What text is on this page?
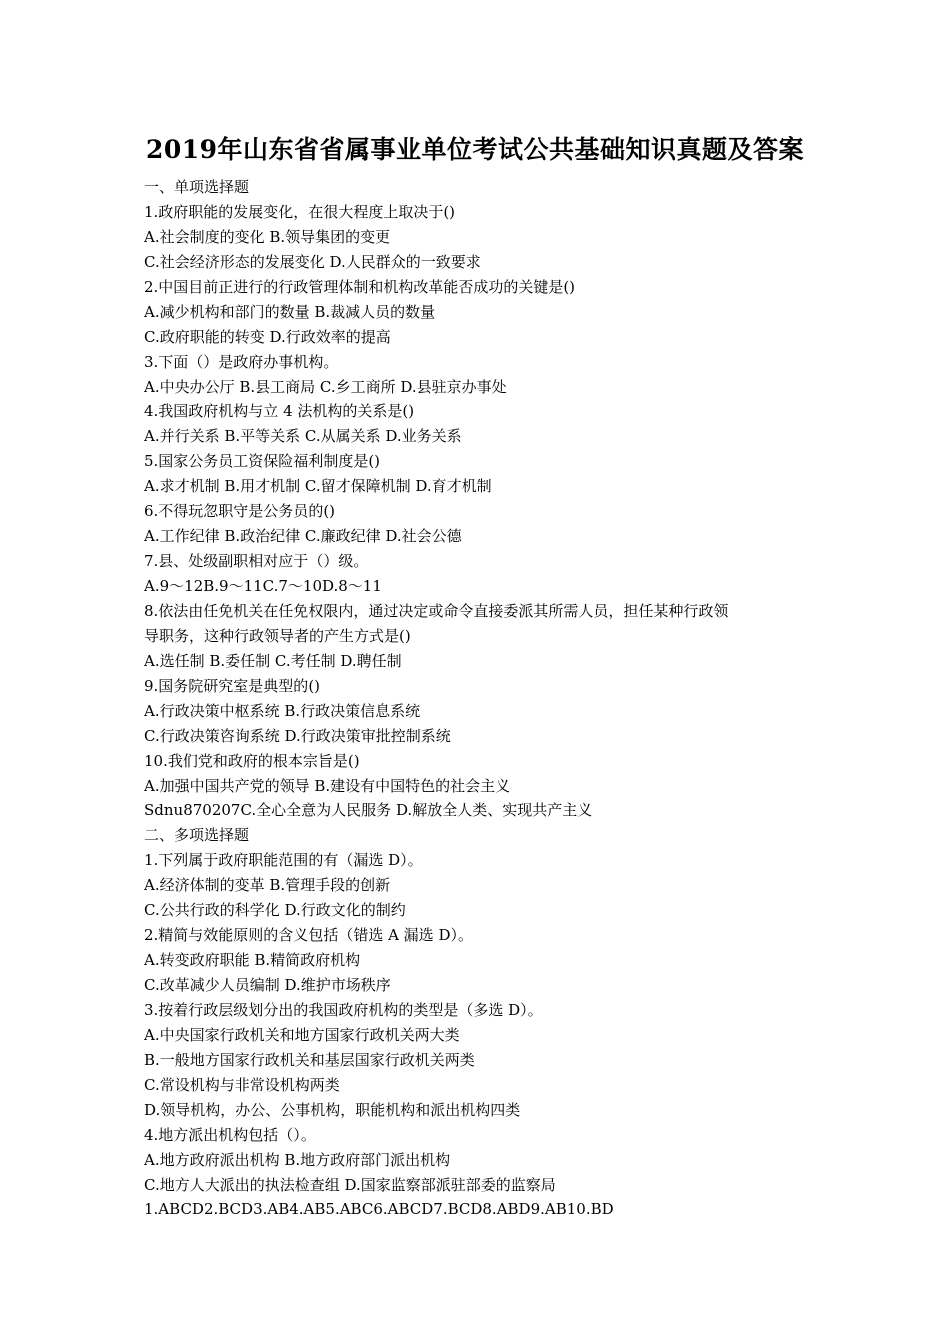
2019年山东省省属事业单位考试公共基础知识真题及答案
一、单项选择题
1.政府职能的发展变化，在很大程度上取决于()
A.社会制度的变化 B.领导集团的变更
C.社会经济形态的发展变化 D.人民群众的一致要求
2.中国目前正进行的行政管理体制和机构改革能否成功的关键是()
A.减少机构和部门的数量 B.裁减人员的数量
C.政府职能的转变 D.行政效率的提高
3.下面（）是政府办事机构。
A.中央办公厅 B.县工商局 C.乡工商所 D.县驻京办事处
4.我国政府机构与立 4 法机构的关系是()
A.并行关系 B.平等关系 C.从属关系 D.业务关系
5.国家公务员工资保险福利制度是()
A.求才机制 B.用才机制 C.留才保障机制 D.育才机制
6.不得玩忽职守是公务员的()
A.工作纪律 B.政治纪律 C.廉政纪律 D.社会公德
7.县、处级副职相对应于（）级。
A.9～12B.9～11C.7～10D.8～11
8.依法由任免机关在任免权限内，通过决定或命令直接委派其所需人员，担任某种行政领
导职务，这种行政领导者的产生方式是()
A.选任制 B.委任制 C.考任制 D.聘任制
9.国务院研究室是典型的()
A.行政决策中枢系统 B.行政决策信息系统
C.行政决策咨询系统 D.行政决策审批控制系统
10.我们党和政府的根本宗旨是()
A.加强中国共产党的领导 B.建设有中国特色的社会主义
Sdnu870207C.全心全意为人民服务 D.解放全人类、实现共产主义
二、多项选择题
1.下列属于政府职能范围的有（漏选 D）。
A.经济体制的变革 B.管理手段的创新
C.公共行政的科学化 D.行政文化的制约
2.精简与效能原则的含义包括（错选 A 漏选 D）。
A.转变政府职能 B.精简政府机构
C.改革减少人员编制 D.维护市场秩序
3.按着行政层级划分出的我国政府机构的类型是（多选 D）。
A.中央国家行政机关和地方国家行政机关两大类
B.一般地方国家行政机关和基层国家行政机关两类
C.常设机构与非常设机构两类
D.领导机构，办公、公事机构，职能机构和派出机构四类
4.地方派出机构包括（）。
A.地方政府派出机构 B.地方政府部门派出机构
C.地方人大派出的执法检查组 D.国家监察部派驻部委的监察局
1.ABCD2.BCD3.AB4.AB5.ABC6.ABCD7.BCD8.ABD9.AB10.BD
